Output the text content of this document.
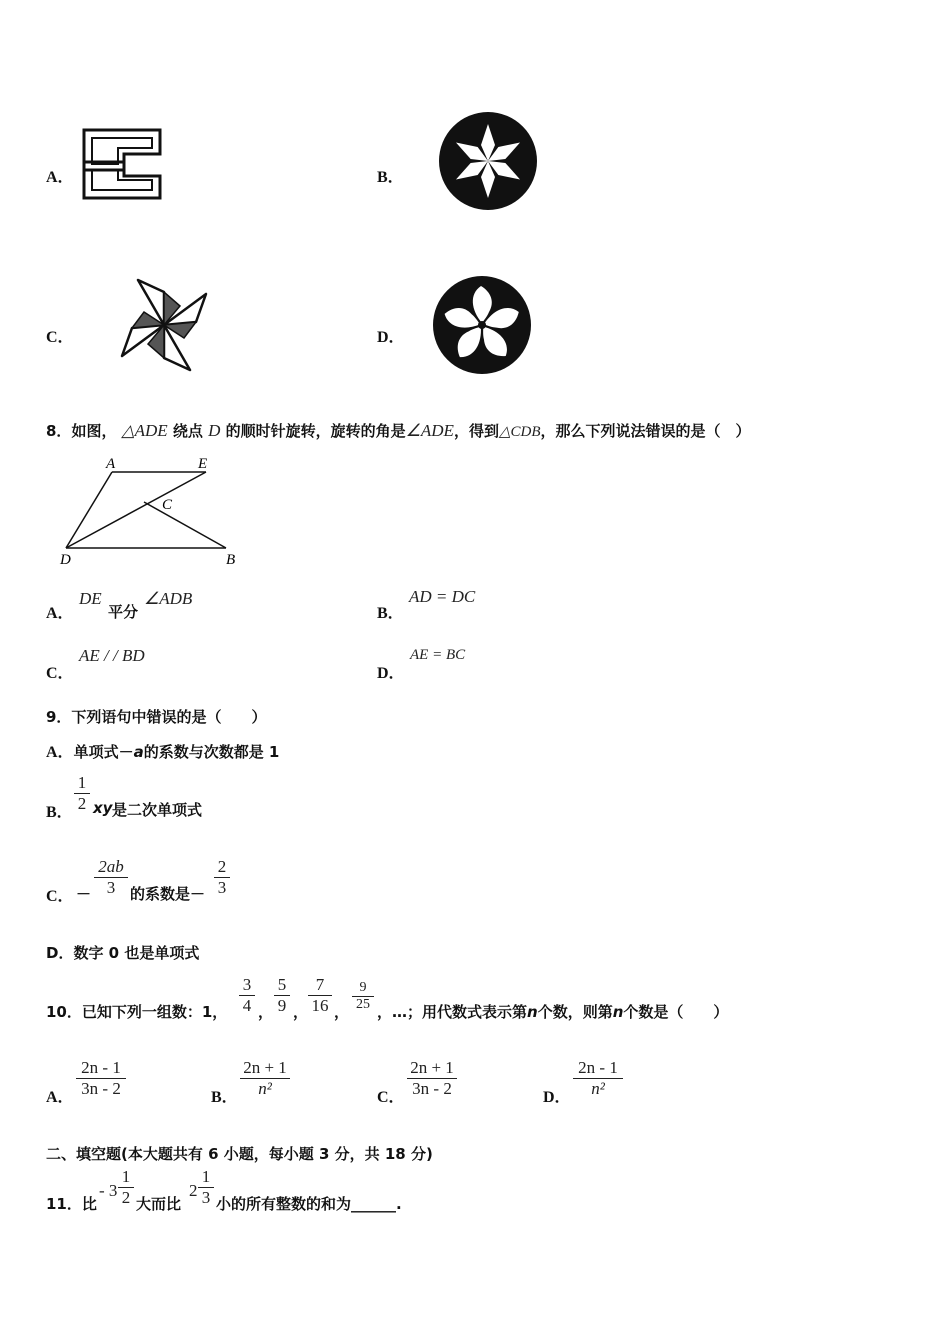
A．	B．
C．	D．
8．如图， △ADE 绕点 D 的顺时针旋转，旋转的角是∠ADE，得到△CDB，那么下列说法错误的是（　）
A	E
C
D	B
A．
DE
平分
∠ADB
B．
AD = DC
C．
AE / / BD
D．
AE = BC
9．下列语句中错误的是（　　）
A．单项式－a的系数与次数都是 1
B．
1
2 xy 是二次单项式
C． －
2ab
3 的系数是－
2
3
D．数字 0 也是单项式
10．已知下列一组数：1，
3
4 ，
5
9 ，
7
16 ，
9
25 ，…；用代数式表示第n个数，则第n个数是（　　）
A．
2n - 1
3n - 2	B．
2n + 1
n²	C．
2n + 1
3n - 2	D．
2n - 1
n²
二、填空题(本大题共有 6 小题，每小题 3 分，共 18 分)
11．比
- 3
1
2 大而比
2
1
3 小的所有整数的和为______.
